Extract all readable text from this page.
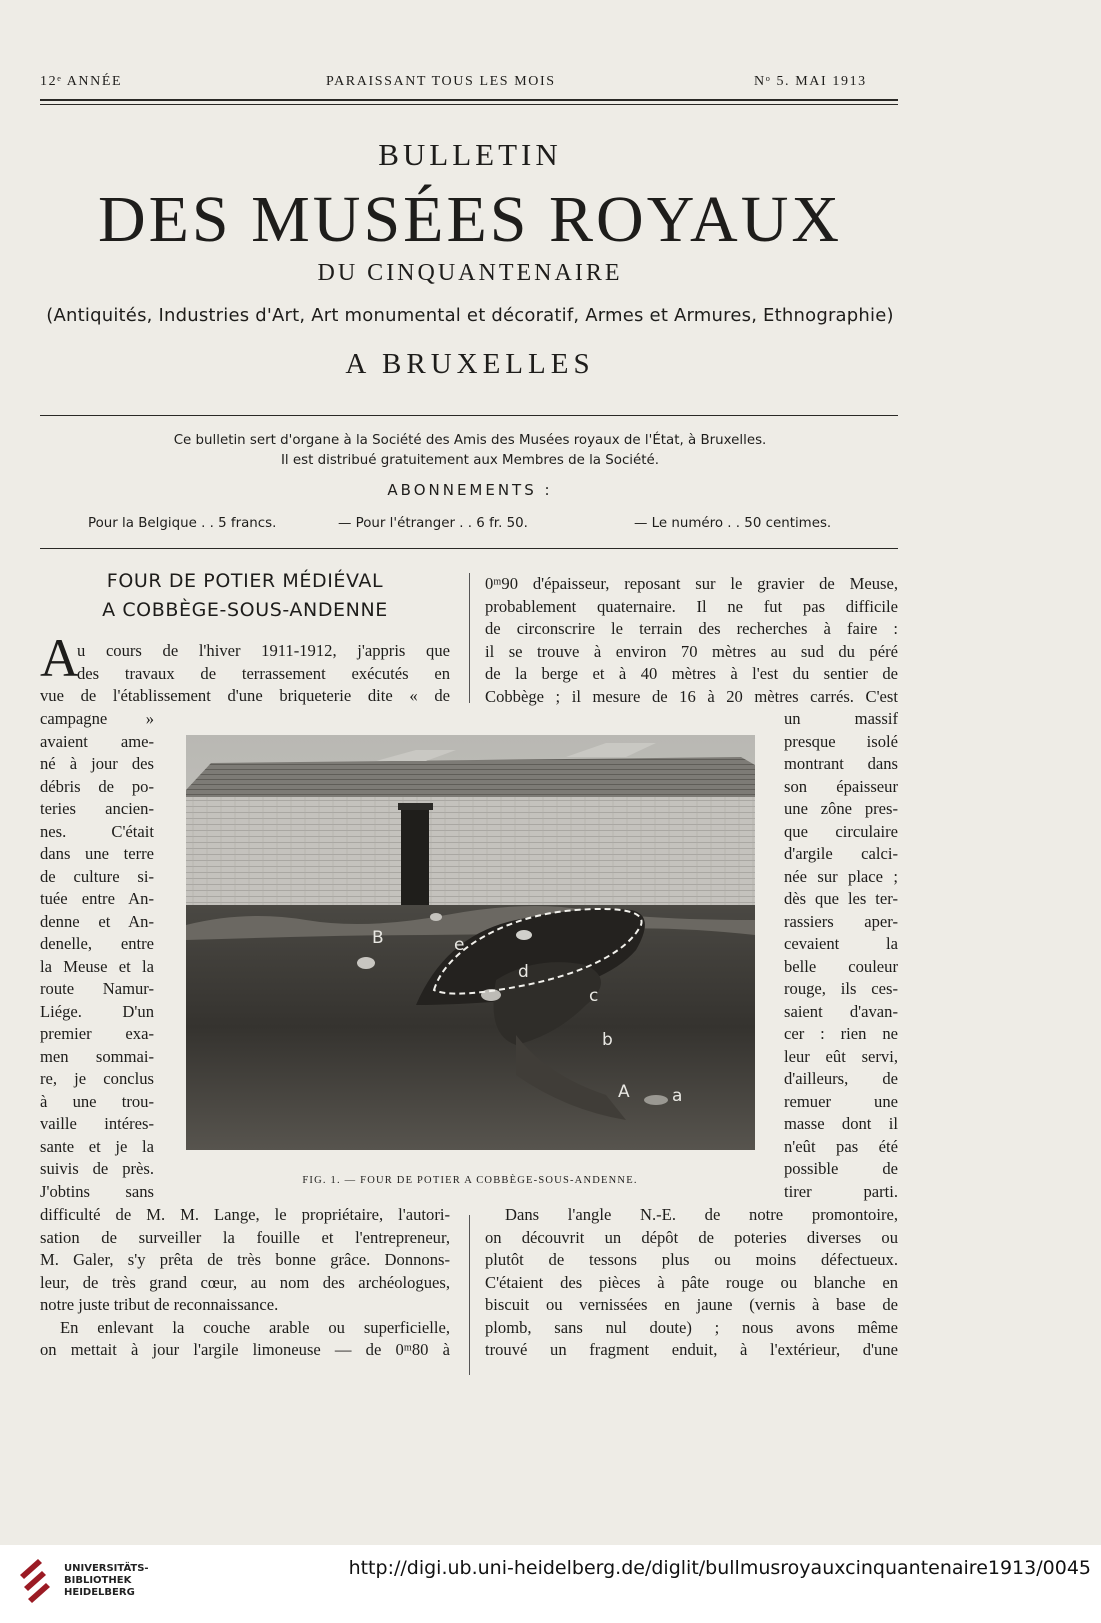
12ᵉ ANNÉE	PARAISSANT TOUS LES MOIS	Nᵒ 5. MAI 1913
BULLETIN
DES MUSÉES ROYAUX
DU CINQUANTENAIRE
(Antiquités, Industries d'Art, Art monumental et décoratif, Armes et Armures, Ethnographie)
A BRUXELLES
Ce bulletin sert d'organe à la Société des Amis des Musées royaux de l'État, à Bruxelles.
Il est distribué gratuitement aux Membres de la Société.
ABONNEMENTS :
Pour la Belgique . . 5 francs.	— Pour l'étranger . . 6 fr. 50.	— Le numéro . . 50 centimes.
FOUR DE POTIER MÉDIÉVAL
A COBBÈGE-SOUS-ANDENNE
A
u cours de l'hiver 1911-1912, j'appris que
des travaux de terrassement exécutés en
vue de l'établissement d'une briqueterie dite « de
campagne »
avaient ame-
né à jour des
débris de po-
teries ancien-
nes. C'était
dans une terre
de culture si-
tuée entre An-
denne et An-
denelle, entre
la Meuse et la
route Namur-
Liége. D'un
premier exa-
men sommai-
re, je conclus
à une trou-
vaille intéres-
sante et je la
suivis de près.
J'obtins sans
difficulté de M. M. Lange, le propriétaire, l'autori-
sation de surveiller la fouille et l'entrepreneur,
M. Galer, s'y prêta de très bonne grâce. Donnons-
leur, de très grand cœur, au nom des archéologues,
notre juste tribut de reconnaissance.
En enlevant la couche arable ou superficielle,
on mettait à jour l'argile limoneuse — de 0ᵐ80 à
0ᵐ90 d'épaisseur, reposant sur le gravier de Meuse,
probablement quaternaire. Il ne fut pas difficile
de circonscrire le terrain des recherches à faire :
il se trouve à environ 70 mètres au sud du péré
de la berge et à 40 mètres à l'est du sentier de
Cobbège ; il mesure de 16 à 20 mètres carrés. C'est
un massif
presque isolé
montrant dans
son épaisseur
une zône pres-
que circulaire
d'argile calci-
née sur place ;
dès que les ter-
rassiers aper-
cevaient la
belle couleur
rouge, ils ces-
saient d'avan-
cer : rien ne
leur eût servi,
d'ailleurs, de
remuer une
masse dont il
n'eût pas été
possible de
tirer parti.
Dans l'angle N.-E. de notre promontoire,
on découvrit un dépôt de poteries diverses ou
plutôt de tessons plus ou moins défectueux.
C'étaient des pièces à pâte rouge ou blanche en
biscuit ou vernissées en jaune (vernis à base de
plomb, sans nul doute) ; nous avons même
trouvé un fragment enduit, à l'extérieur, d'une
B	e
d
c
b
A a
FIG. 1. — FOUR DE POTIER A COBBÈGE-SOUS-ANDENNE.
UNIVERSITÄTS-
BIBLIOTHEK
HEIDELBERG
http://digi.ub.uni-heidelberg.de/diglit/bullmusroyauxcinquantenaire1913/0045
